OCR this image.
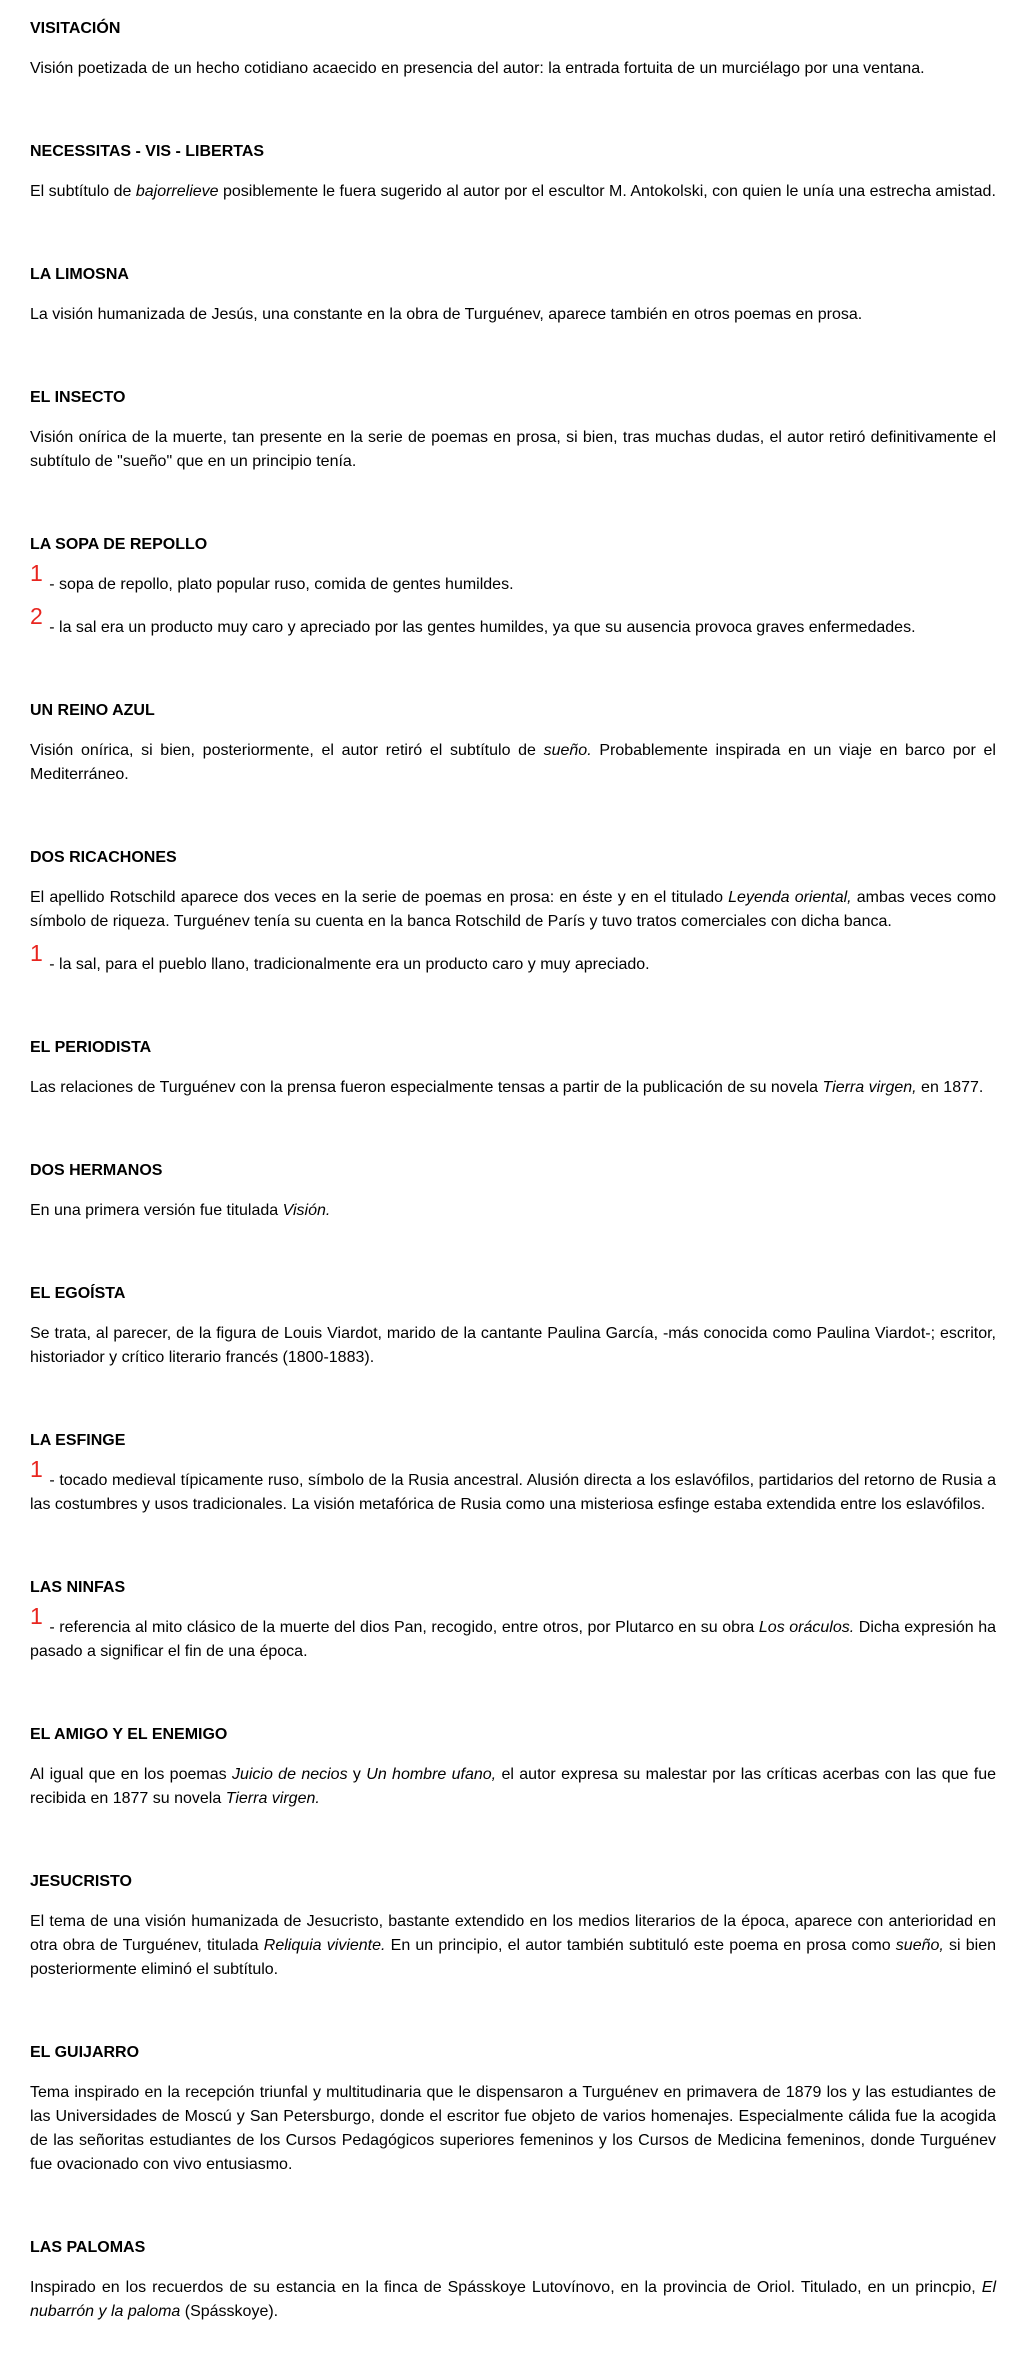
VISITACIÓN
Visión poetizada de un hecho cotidiano acaecido en presencia del autor: la entrada fortuita de un murciélago por una ventana.
NECESSITAS - VIS - LIBERTAS
El subtítulo de bajorrelieve posiblemente le fuera sugerido al autor por el escultor M. Antokolski, con quien le unía una estrecha amistad.
LA LIMOSNA
La visión humanizada de Jesús, una constante en la obra de Turguénev, aparece también en otros poemas en prosa.
EL INSECTO
Visión onírica de la muerte, tan presente en la serie de poemas en prosa, si bien, tras muchas dudas, el autor retiró definitivamente el subtítulo de "sueño" que en un principio tenía.
LA SOPA DE REPOLLO
1 - sopa de repollo, plato popular ruso, comida de gentes humildes.
2 - la sal era un producto muy caro y apreciado por las gentes humildes, ya que su ausencia provoca graves enfermedades.
UN REINO AZUL
Visión onírica, si bien, posteriormente, el autor retiró el subtítulo de sueño. Probablemente inspirada en un viaje en barco por el Mediterráneo.
DOS RICACHONES
El apellido Rotschild aparece dos veces en la serie de poemas en prosa: en éste y en el titulado Leyenda oriental, ambas veces como símbolo de riqueza. Turguénev tenía su cuenta en la banca Rotschild de París y tuvo tratos comerciales con dicha banca.
1 - la sal, para el pueblo llano, tradicionalmente era un producto caro y muy apreciado.
EL PERIODISTA
Las relaciones de Turguénev con la prensa fueron especialmente tensas a partir de la publicación de su novela Tierra virgen, en 1877.
DOS HERMANOS
En una primera versión fue titulada Visión.
EL EGOÍSTA
Se trata, al parecer, de la figura de Louis Viardot, marido de la cantante Paulina García, -más conocida como Paulina Viardot-; escritor, historiador y crítico literario francés (1800-1883).
LA ESFINGE
1 - tocado medieval típicamente ruso, símbolo de la Rusia ancestral. Alusión directa a los eslavófilos, partidarios del retorno de Rusia a las costumbres y usos tradicionales. La visión metafórica de Rusia como una misteriosa esfinge estaba extendida entre los eslavófilos.
LAS NINFAS
1 - referencia al mito clásico de la muerte del dios Pan, recogido, entre otros, por Plutarco en su obra Los oráculos. Dicha expresión ha pasado a significar el fin de una época.
EL AMIGO Y EL ENEMIGO
Al igual que en los poemas Juicio de necios y Un hombre ufano, el autor expresa su malestar por las críticas acerbas con las que fue recibida en 1877 su novela Tierra virgen.
JESUCRISTO
El tema de una visión humanizada de Jesucristo, bastante extendido en los medios literarios de la época, aparece con anterioridad en otra obra de Turguénev, titulada Reliquia viviente. En un principio, el autor también subtituló este poema en prosa como sueño, si bien posteriormente eliminó el subtítulo.
EL GUIJARRO
Tema inspirado en la recepción triunfal y multitudinaria que le dispensaron a Turguénev en primavera de 1879 los y las estudiantes de las Universidades de Moscú y San Petersburgo, donde el escritor fue objeto de varios homenajes. Especialmente cálida fue la acogida de las señoritas estudiantes de los Cursos Pedagógicos superiores femeninos y los Cursos de Medicina femeninos, donde Turguénev fue ovacionado con vivo entusiasmo.
LAS PALOMAS
Inspirado en los recuerdos de su estancia en la finca de Spásskoye Lutovínovo, en la provincia de Oriol. Titulado, en un princpio, El nubarrón y la paloma (Spásskoye).
